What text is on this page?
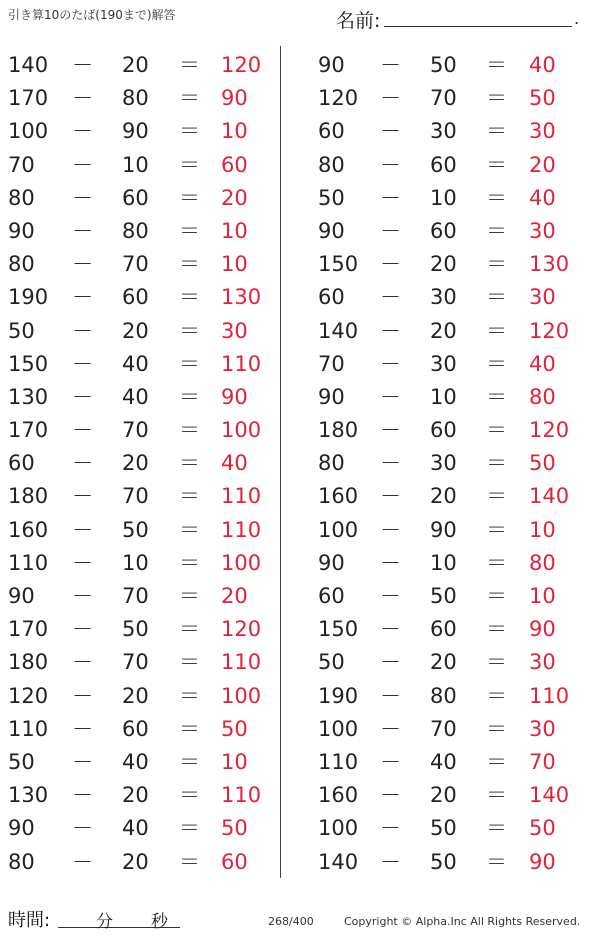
引き算10のたば(190まで)解答	名前:	.
140 － 20 ＝ 120
170 － 80 ＝ 90
100 － 90 ＝ 10
70 － 10 ＝ 60
80 － 60 ＝ 20
90 － 80 ＝ 10
80 － 70 ＝ 10
190 － 60 ＝ 130
50 － 20 ＝ 30
150 － 40 ＝ 110
130 － 40 ＝ 90
170 － 70 ＝ 100
60 － 20 ＝ 40
180 － 70 ＝ 110
160 － 50 ＝ 110
110 － 10 ＝ 100
90 － 70 ＝ 20
170 － 50 ＝ 120
180 － 70 ＝ 110
120 － 20 ＝ 100
110 － 60 ＝ 50
50 － 40 ＝ 10
130 － 20 ＝ 110
90 － 40 ＝ 50
80 － 20 ＝ 60
90 － 50 ＝ 40
120 － 70 ＝ 50
60 － 30 ＝ 30
80 － 60 ＝ 20
50 － 10 ＝ 40
90 － 60 ＝ 30
150 － 20 ＝ 130
60 － 30 ＝ 30
140 － 20 ＝ 120
70 － 30 ＝ 40
90 － 10 ＝ 80
180 － 60 ＝ 120
80 － 30 ＝ 50
160 － 20 ＝ 140
100 － 90 ＝ 10
90 － 10 ＝ 80
60 － 50 ＝ 10
150 － 60 ＝ 90
50 － 20 ＝ 30
190 － 80 ＝ 110
100 － 70 ＝ 30
110 － 40 ＝ 70
160 － 20 ＝ 140
100 － 50 ＝ 50
140 － 50 ＝ 90
時間:	分 秒	268/400	Copyright © Alpha.Inc All Rights Reserved.
